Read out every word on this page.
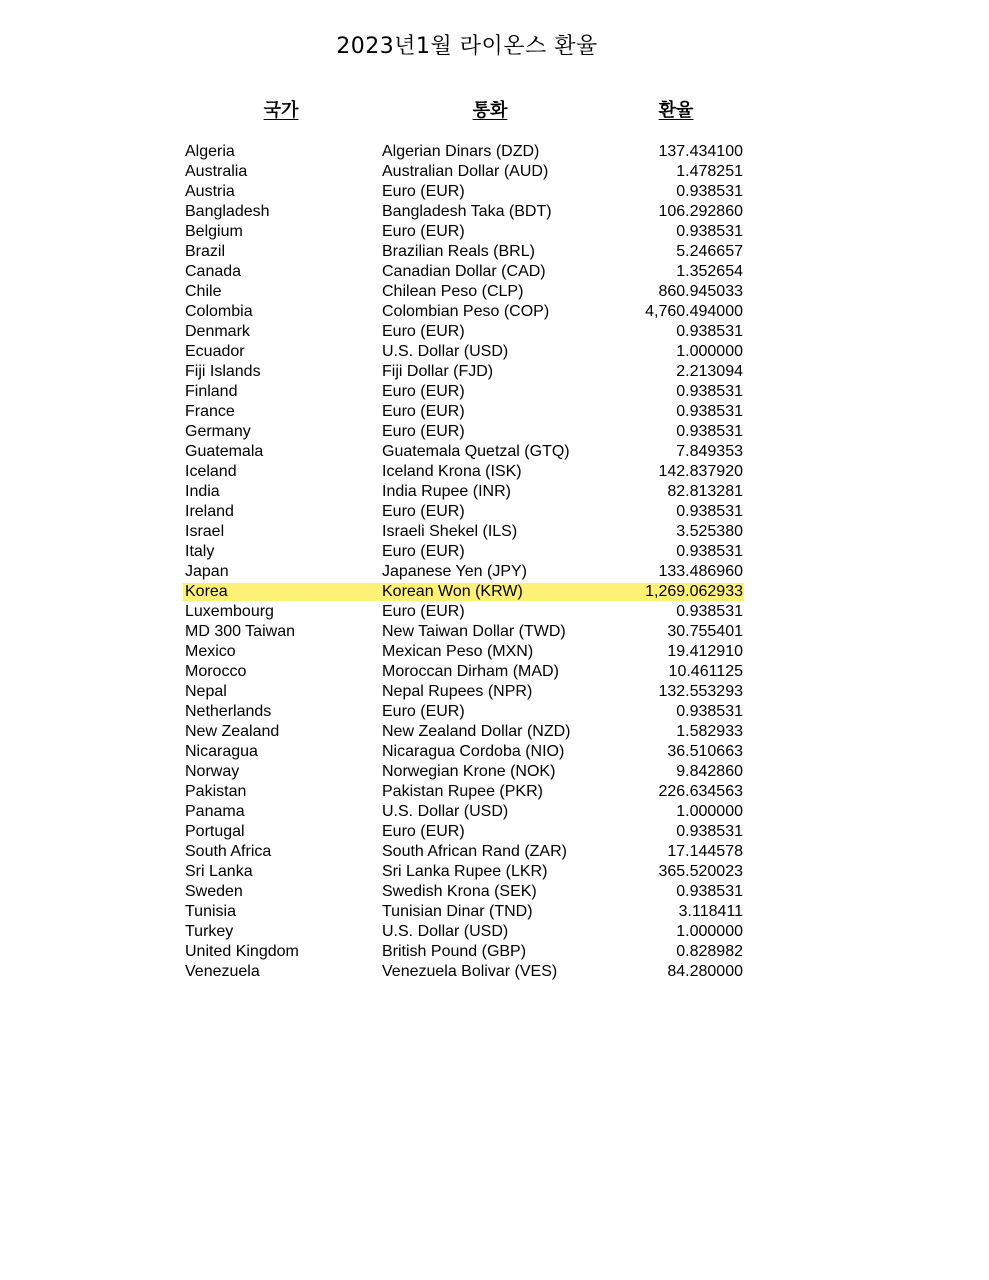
2023년1월 라이온스 환율
국가	통화	환율
Algeria	Algerian Dinars (DZD)	137.434100
Australia	Australian Dollar (AUD)	1.478251
Austria	Euro (EUR)	0.938531
Bangladesh	Bangladesh Taka (BDT)	106.292860
Belgium	Euro (EUR)	0.938531
Brazil	Brazilian Reals (BRL)	5.246657
Canada	Canadian Dollar (CAD)	1.352654
Chile	Chilean Peso (CLP)	860.945033
Colombia	Colombian Peso (COP)	4,760.494000
Denmark	Euro (EUR)	0.938531
Ecuador	U.S. Dollar (USD)	1.000000
Fiji Islands	Fiji Dollar (FJD)	2.213094
Finland	Euro (EUR)	0.938531
France	Euro (EUR)	0.938531
Germany	Euro (EUR)	0.938531
Guatemala	Guatemala Quetzal (GTQ)	7.849353
Iceland	Iceland Krona (ISK)	142.837920
India	India Rupee (INR)	82.813281
Ireland	Euro (EUR)	0.938531
Israel	Israeli Shekel (ILS)	3.525380
Italy	Euro (EUR)	0.938531
Japan	Japanese Yen (JPY)	133.486960
Korea	Korean Won (KRW)	1,269.062933
Luxembourg	Euro (EUR)	0.938531
MD 300 Taiwan	New Taiwan Dollar (TWD)	30.755401
Mexico	Mexican Peso (MXN)	19.412910
Morocco	Moroccan Dirham (MAD)	10.461125
Nepal	Nepal Rupees (NPR)	132.553293
Netherlands	Euro (EUR)	0.938531
New Zealand	New Zealand Dollar (NZD)	1.582933
Nicaragua	Nicaragua Cordoba (NIO)	36.510663
Norway	Norwegian Krone (NOK)	9.842860
Pakistan	Pakistan Rupee (PKR)	226.634563
Panama	U.S. Dollar (USD)	1.000000
Portugal	Euro (EUR)	0.938531
South Africa	South African Rand (ZAR)	17.144578
Sri Lanka	Sri Lanka Rupee (LKR)	365.520023
Sweden	Swedish Krona (SEK)	0.938531
Tunisia	Tunisian Dinar (TND)	3.118411
Turkey	U.S. Dollar (USD)	1.000000
United Kingdom	British Pound (GBP)	0.828982
Venezuela	Venezuela Bolivar (VES)	84.280000
